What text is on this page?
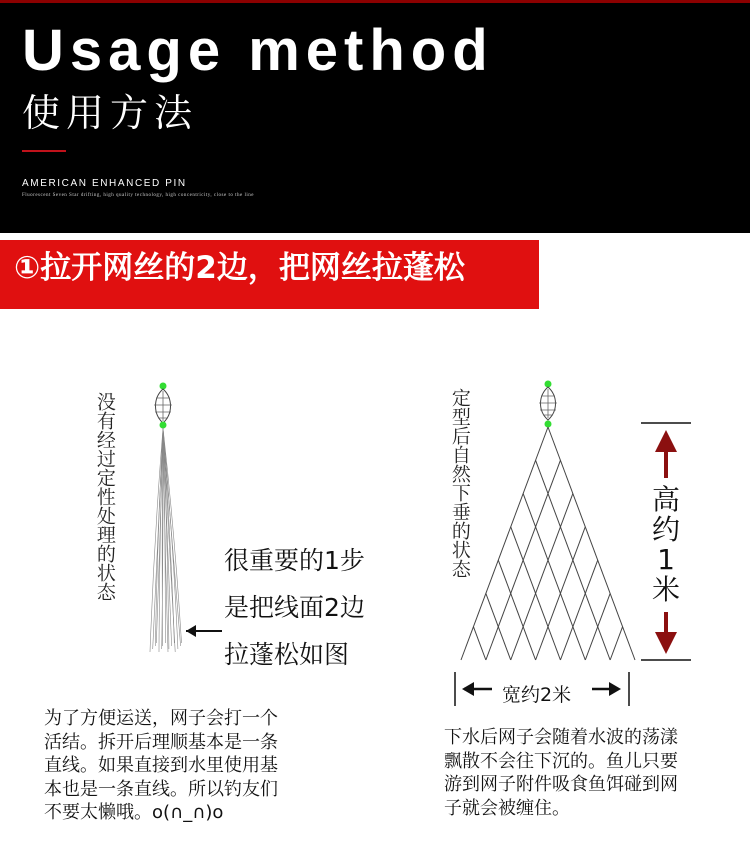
Usage method
使用方法
AMERICAN ENHANCED PIN
Fluorescent Seven Star drifting, high quality technology, high concentricity, close to the line
①拉开网丝的2边，把网丝拉蓬松
没有经过定性处理的状态	定型后自然下垂的状态
很重要的1步
是把线面2边
拉蓬松如图
高
约
1
米
宽约2米
为了方便运送，网子会打一个
活结。拆开后理顺基本是一条
直线。如果直接到水里使用基
本也是一条直线。所以钓友们
不要太懒哦。o(∩_∩)o
下水后网子会随着水波的荡漾
飘散不会往下沉的。鱼儿只要
游到网子附件吸食鱼饵碰到网
子就会被缠住。
